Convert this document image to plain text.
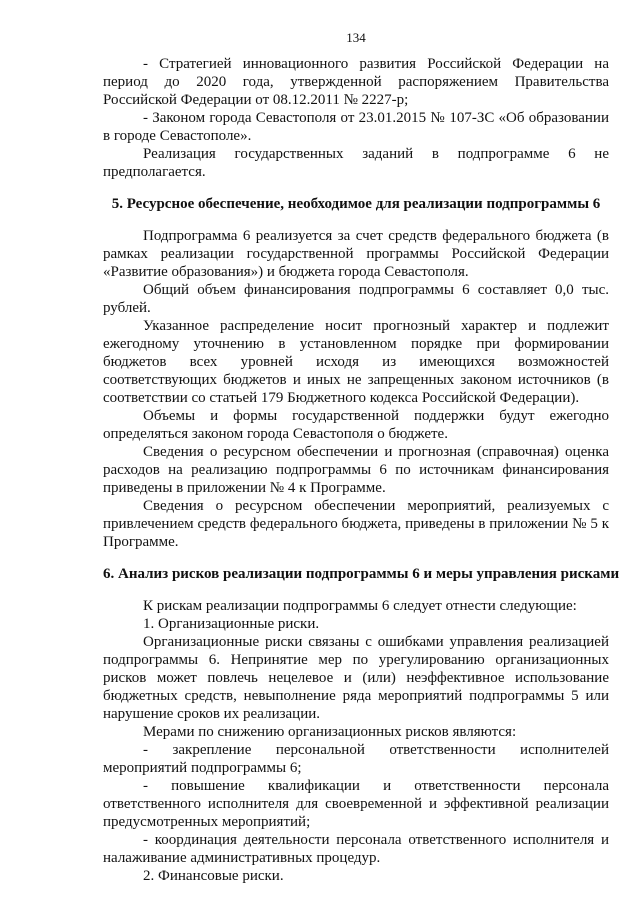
134

- Стратегией инновационного развития Российской Федерации на период до 2020 года, утвержденной распоряжением Правительства Российской Федерации от 08.12.2011 № 2227-р;

- Законом города Севастополя от 23.01.2015 № 107-ЗС «Об образовании в городе Севастополе».

Реализация государственных заданий в подпрограмме 6 не предполагается.

5. Ресурсное обеспечение, необходимое для реализации подпрограммы 6

Подпрограмма 6 реализуется за счет средств федерального бюджета (в рамках реализации государственной программы Российской Федерации «Развитие образования») и бюджета города Севастополя.

Общий объем финансирования подпрограммы 6 составляет 0,0 тыс. рублей.

Указанное распределение носит прогнозный характер и подлежит ежегодному уточнению в установленном порядке при формировании бюджетов всех уровней исходя из имеющихся возможностей соответствующих бюджетов и иных не запрещенных законом источников (в соответствии со статьей 179 Бюджетного кодекса Российской Федерации).

Объемы и формы государственной поддержки будут ежегодно определяться законом города Севастополя о бюджете.

Сведения о ресурсном обеспечении и прогнозная (справочная) оценка расходов на реализацию подпрограммы 6 по источникам финансирования приведены в приложении № 4 к Программе.

Сведения о ресурсном обеспечении мероприятий, реализуемых с привлечением средств федерального бюджета, приведены в приложении № 5 к Программе.

6. Анализ рисков реализации подпрограммы 6 и меры управления рисками

К рискам реализации подпрограммы 6 следует отнести следующие:

1. Организационные риски.

Организационные риски связаны с ошибками управления реализацией подпрограммы 6. Непринятие мер по урегулированию организационных рисков может повлечь нецелевое и (или) неэффективное использование бюджетных средств, невыполнение ряда мероприятий подпрограммы 5 или нарушение сроков их реализации.

Мерами по снижению организационных рисков являются:

- закрепление персональной ответственности исполнителей мероприятий подпрограммы 6;

- повышение квалификации и ответственности персонала ответственного исполнителя для своевременной и эффективной реализации предусмотренных мероприятий;

- координация деятельности персонала ответственного исполнителя и налаживание административных процедур.

2. Финансовые риски.
